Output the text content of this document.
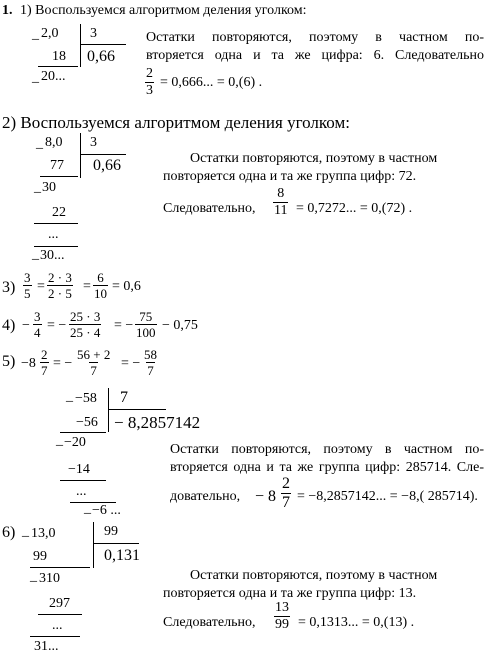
1. 1) Воспользуемся алгоритмом деления уголком:
_ 2,0 3
18 0,66
_ 20...
Остатки повторяются, поэтому в частном по-
вторяется одна и та же цифра: 6. Следовательно
$\frac{2}{3} = 0,666$... = 0,(6) .
2) Воспользуемся алгоритмом деления уголком:
_ 8,0 3
77 0,66
_ 30
22
...
_ 30...
Остатки повторяются, поэтому в частном
повторяется одна и та же группа цифр: 72.
Следовательно, $\frac{8}{11} = 0,7272$... = 0,(72) .
$3) \frac{3}{5} = \frac{2 \cdot 3}{2 \cdot 5} = \frac{6}{10} = 0,6$
$4) - \frac{3}{4}$ = − $\frac{25 \cdot 3}{25 \cdot 4}$ = − $\frac{75}{100} - 0,75$
$5) -8 \frac{2}{7}$ = − $\frac{56 + 2}{7}$ = − $\frac{58}{7}$
_ −58 7
−56 − 8,2857142
_ −20
−14
...
_ −6 ...
Остатки повторяются, поэтому в частном по-
вторяется одна и та же группа цифр: 285714. Сле-
довательно, − $8 \frac{2}{7} = -8,2857142$... = −8,( 285714).
6) _ 13,0	99
99	0,131
_ 310
297
...
31...
Остатки повторяются, поэтому в частном
повторяется одна и та же группа цифр: 13.
Следовательно, $\frac{13}{99} = 0,1313$... = 0,(13) .
